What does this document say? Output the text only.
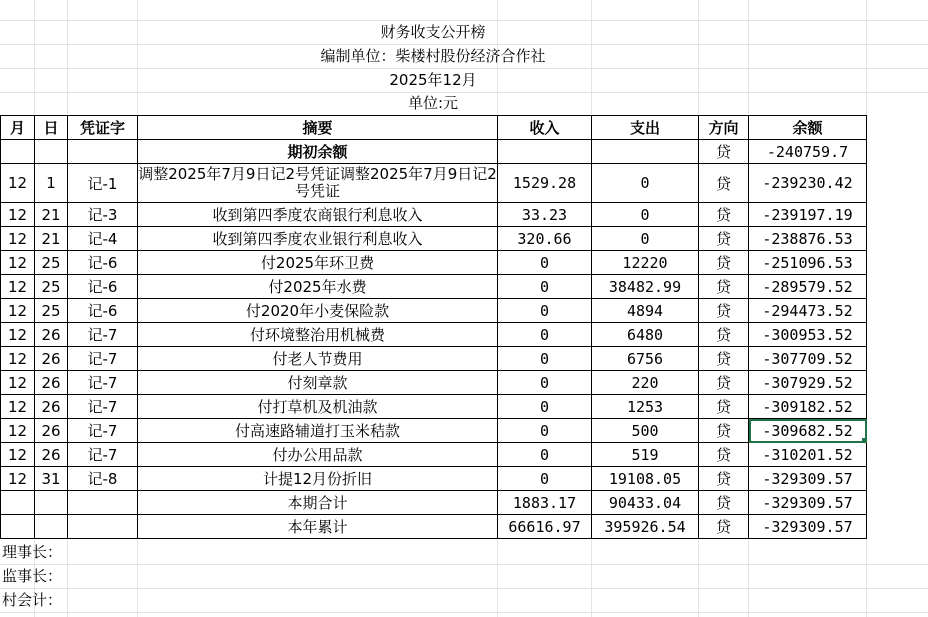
财务收支公开榜
编制单位：柴楼村股份经济合作社
2025年12月
单位:元
月	日	凭证字	摘要	收入	支出	方向	余额
			期初余额			贷	-240759.7
12	1	记-1	调整2025年7月9日记2号凭证调整2025年7月9日记2号凭证	1529.28	0	贷	-239230.42
12	21	记-3	收到第四季度农商银行利息收入	33.23	0	贷	-239197.19
12	21	记-4	收到第四季度农业银行利息收入	320.66	0	贷	-238876.53
12	25	记-6	付2025年环卫费	0	12220	贷	-251096.53
12	25	记-6	付2025年水费	0	38482.99	贷	-289579.52
12	25	记-6	付2020年小麦保险款	0	4894	贷	-294473.52
12	26	记-7	付环境整治用机械费	0	6480	贷	-300953.52
12	26	记-7	付老人节费用	0	6756	贷	-307709.52
12	26	记-7	付刻章款	0	220	贷	-307929.52
12	26	记-7	付打草机及机油款	0	1253	贷	-309182.52
12	26	记-7	付高速路辅道打玉米秸款	0	500	贷	-309682.52
12	26	记-7	付办公用品款	0	519	贷	-310201.52
12	31	记-8	计提12月份折旧	0	19108.05	贷	-329309.57
			本期合计	1883.17	90433.04	贷	-329309.57
			本年累计	66616.97	395926.54	贷	-329309.57
理事长：
监事长：
村会计：
